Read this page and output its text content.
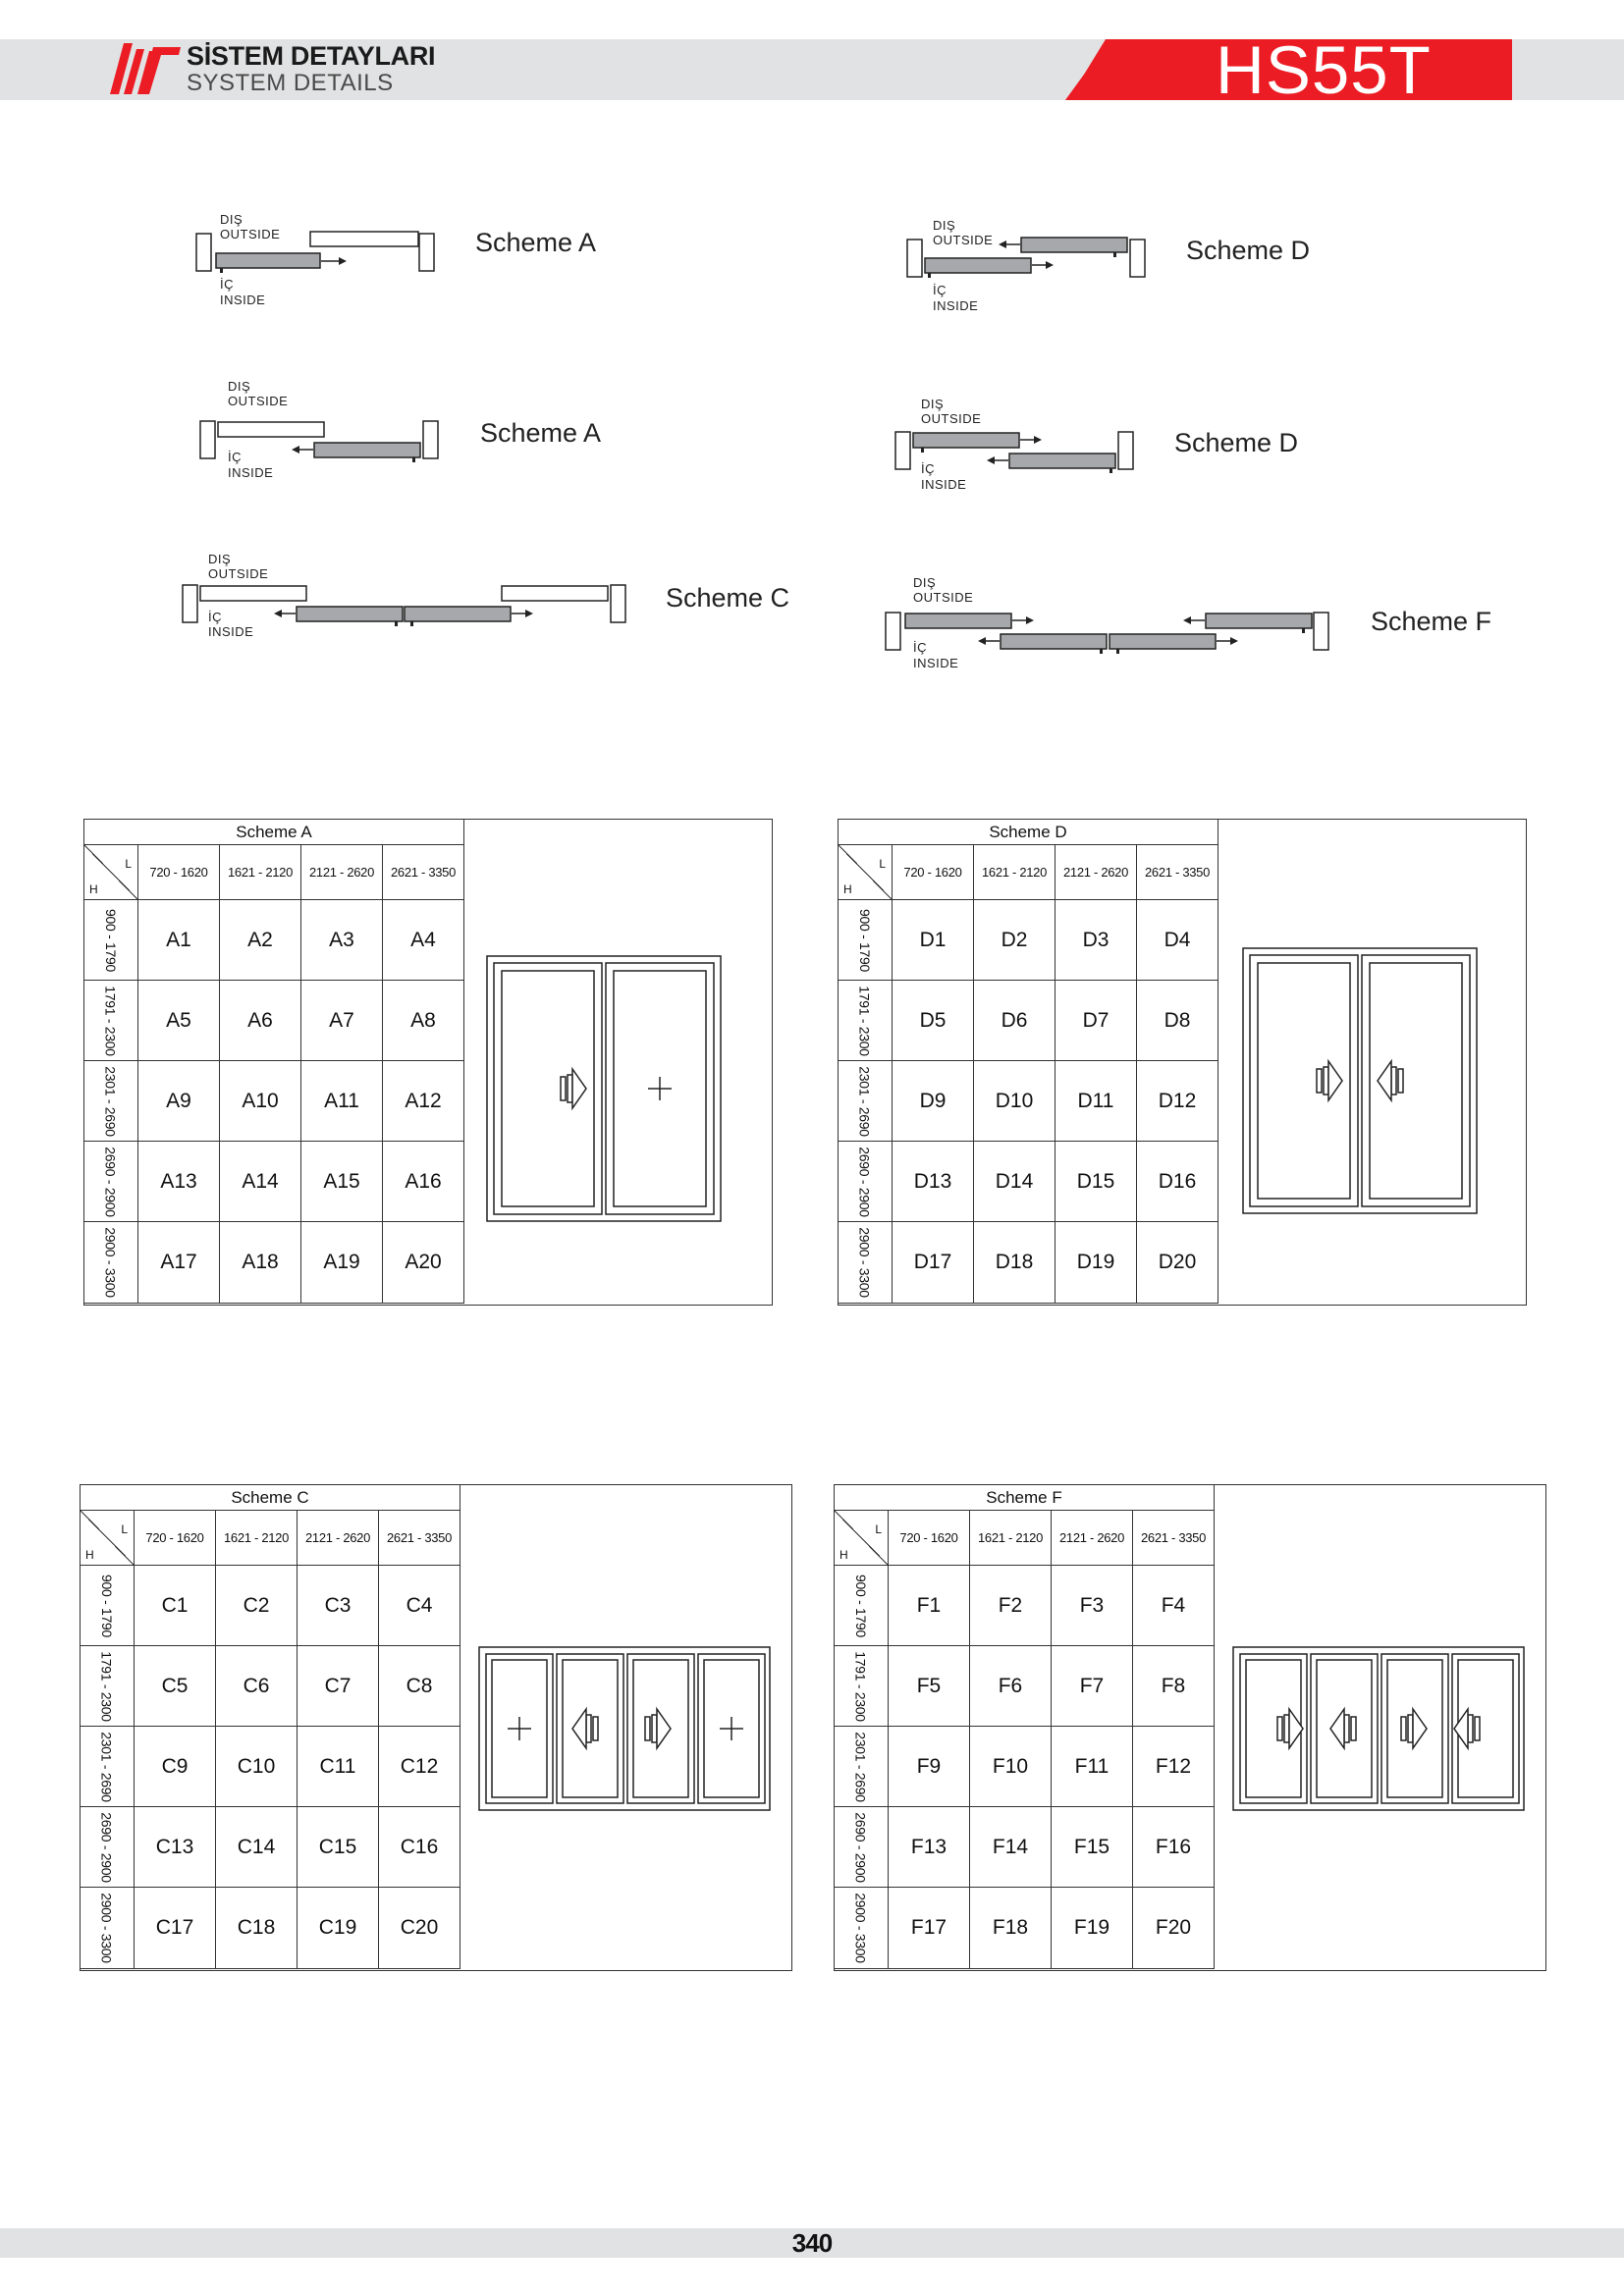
SİSTEM DETAYLARI
SYSTEM DETAILS	HS55T
DIŞ
OUTSIDE
İÇ
INSIDE
Scheme A
DIŞ
OUTSIDE
İÇ
INSIDE
Scheme D
DIŞ
OUTSIDE
İÇ
INSIDE
Scheme A
DIŞ
OUTSIDE
İÇ
INSIDE
Scheme D
DIŞ
OUTSIDE
İÇ
INSIDE
Scheme C
DIŞ
OUTSIDE
İÇ
INSIDE
Scheme F
Scheme A
L
H
720 - 1620	1621 - 2120	2121 - 2620	2621 - 3350
900 - 1790	A1	A2	A3	A4
1791 - 2300	A5	A6	A7	A8
2301 - 2690	A9	A10	A11	A12
2690 - 2900	A13	A14	A15	A16
2900 - 3300	A17	A18	A19	A20
Scheme D
L
H
720 - 1620	1621 - 2120	2121 - 2620	2621 - 3350
900 - 1790	D1	D2	D3	D4
1791 - 2300	D5	D6	D7	D8
2301 - 2690	D9	D10	D11	D12
2690 - 2900	D13	D14	D15	D16
2900 - 3300	D17	D18	D19	D20
Scheme C
L
H
720 - 1620	1621 - 2120	2121 - 2620	2621 - 3350
900 - 1790	C1	C2	C3	C4
1791 - 2300	C5	C6	C7	C8
2301 - 2690	C9	C10	C11	C12
2690 - 2900	C13	C14	C15	C16
2900 - 3300	C17	C18	C19	C20
Scheme F
L
H
720 - 1620	1621 - 2120	2121 - 2620	2621 - 3350
900 - 1790	F1	F2	F3	F4
1791 - 2300	F5	F6	F7	F8
2301 - 2690	F9	F10	F11	F12
2690 - 2900	F13	F14	F15	F16
2900 - 3300	F17	F18	F19	F20
340
